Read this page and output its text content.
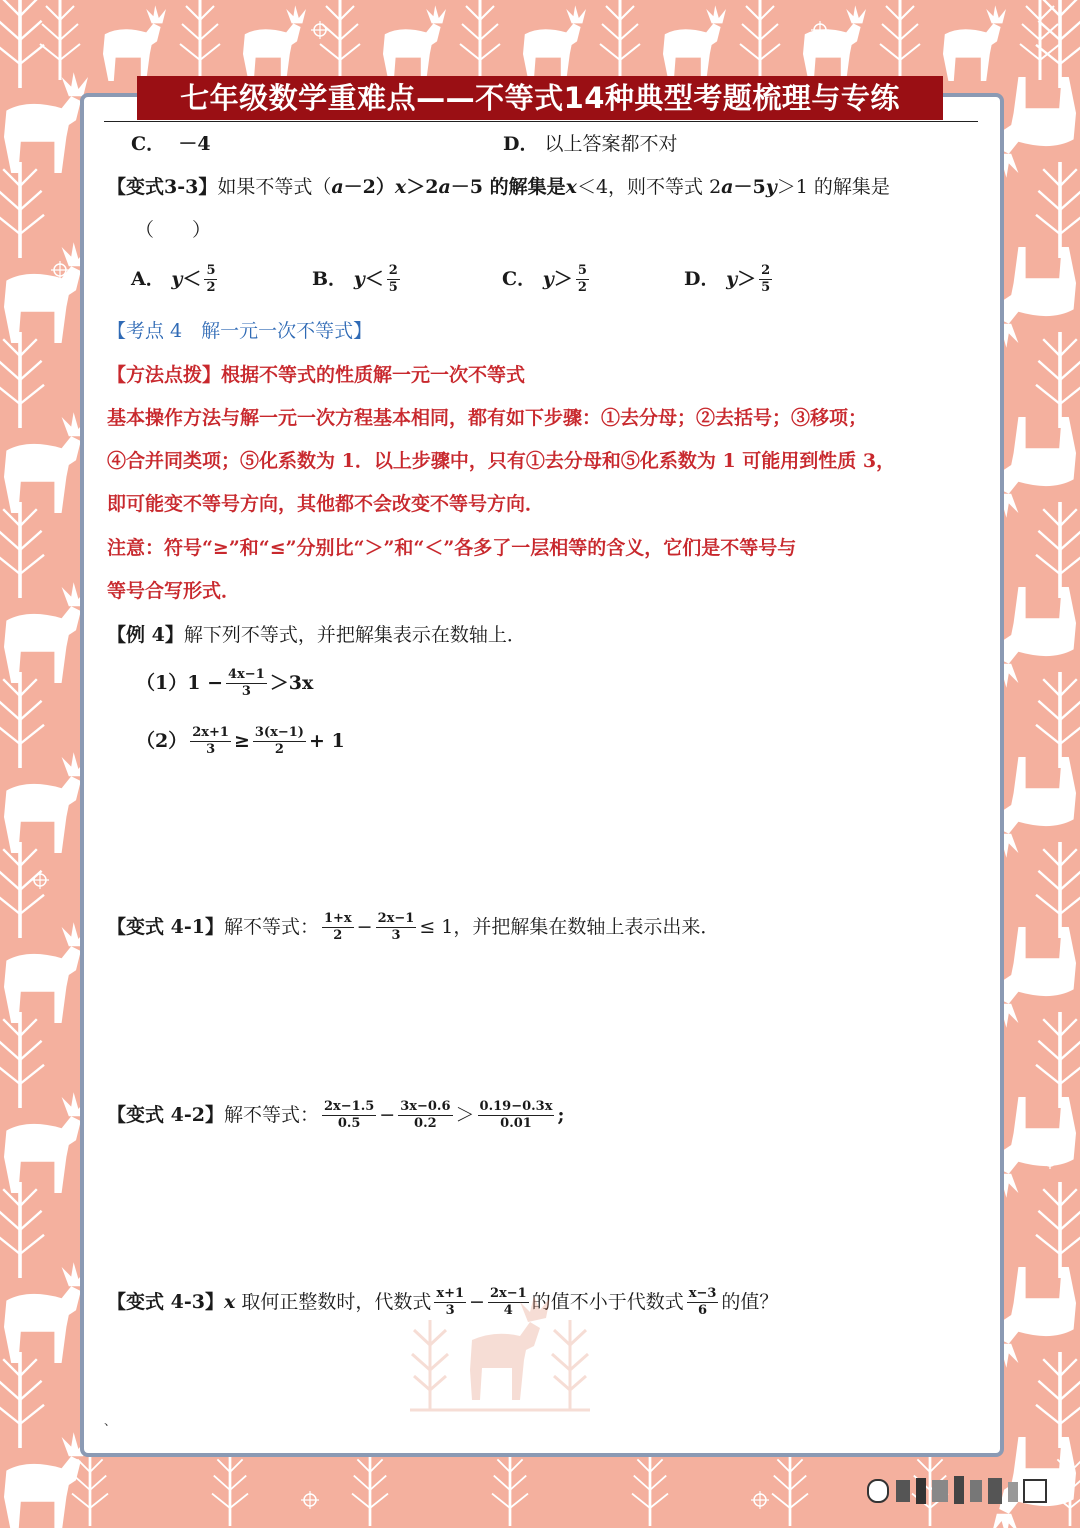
七年级数学重难点——不等式14种典型考题梳理与专练
C． －4	D． 以上答案都不对
【变式3-3】如果不等式（a－2）x＞2a－5 的解集是x＜4，则不等式 2a－5y＞1 的解集是
（　　）
A． $y< \frac{5}{2}$	B． $y< \frac{2}{5}$	C． $y> \frac{5}{2}$	D． $y> \frac{2}{5}$
【考点 4　解一元一次不等式】
【方法点拨】根据不等式的性质解一元一次不等式
基本操作方法与解一元一次方程基本相同，都有如下步骤：①去分母；②去括号；③移项；
④合并同类项；⑤化系数为 1．以上步骤中，只有①去分母和⑤化系数为 1 可能用到性质 3，
即可能变不等号方向，其他都不会改变不等号方向．
注意：符号“≥”和“≤”分别比“＞”和“＜”各多了一层相等的含义，它们是不等号与
等号合写形式．
【例 4】解下列不等式，并把解集表示在数轴上．
$(1)1 - \frac{4x-1}{3} >3x$
$(2) \frac{2x+1}{3} \ge \frac{3(x-1)}{2} + 1$
【变式 4-1】解不等式： $\frac{1+x}{2} - \frac{2x-1}{3} \le 1$，并把解集在数轴上表示出来．
【变式 4-2】解不等式： $\frac{2x-1.5}{0.5} - \frac{3x-0.6}{0.2} > \frac{0.19-0.3x}{0.01}$ ;
【变式 4-3】x 取何正整数时，代数式 $\frac{x+1}{3} - \frac{2x-1}{4}$ 的值不小于代数式 $\frac{x-3}{6}$ 的值？
、
